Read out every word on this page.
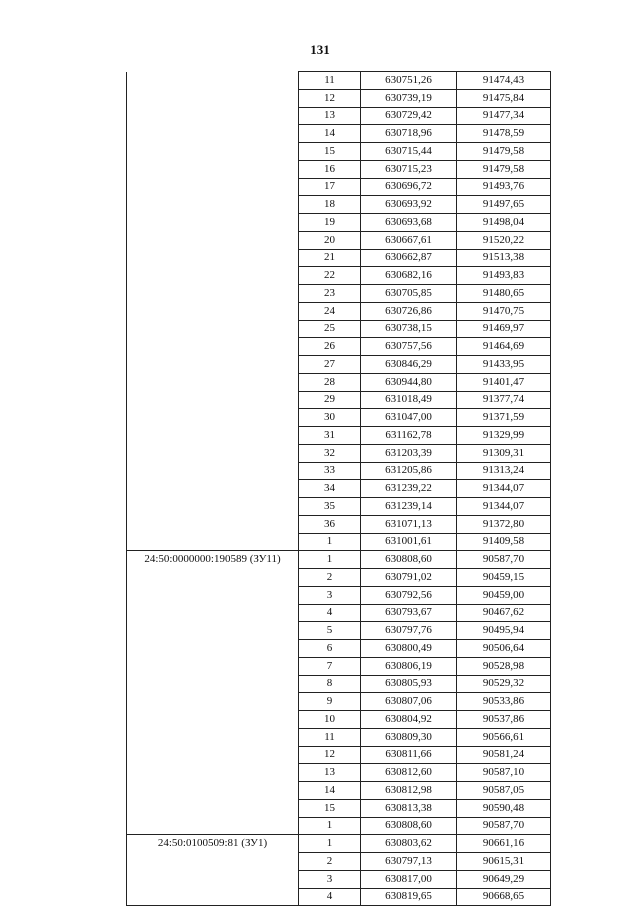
131
	11	630751,26	91474,43
	12	630739,19	91475,84
	13	630729,42	91477,34
	14	630718,96	91478,59
	15	630715,44	91479,58
	16	630715,23	91479,58
	17	630696,72	91493,76
	18	630693,92	91497,65
	19	630693,68	91498,04
	20	630667,61	91520,22
	21	630662,87	91513,38
	22	630682,16	91493,83
	23	630705,85	91480,65
	24	630726,86	91470,75
	25	630738,15	91469,97
	26	630757,56	91464,69
	27	630846,29	91433,95
	28	630944,80	91401,47
	29	631018,49	91377,74
	30	631047,00	91371,59
	31	631162,78	91329,99
	32	631203,39	91309,31
	33	631205,86	91313,24
	34	631239,22	91344,07
	35	631239,14	91344,07
	36	631071,13	91372,80
	1	631001,61	91409,58
24:50:0000000:190589 (ЗУ11)	1	630808,60	90587,70
	2	630791,02	90459,15
	3	630792,56	90459,00
	4	630793,67	90467,62
	5	630797,76	90495,94
	6	630800,49	90506,64
	7	630806,19	90528,98
	8	630805,93	90529,32
	9	630807,06	90533,86
	10	630804,92	90537,86
	11	630809,30	90566,61
	12	630811,66	90581,24
	13	630812,60	90587,10
	14	630812,98	90587,05
	15	630813,38	90590,48
	1	630808,60	90587,70
24:50:0100509:81 (ЗУ1)	1	630803,62	90661,16
	2	630797,13	90615,31
	3	630817,00	90649,29
	4	630819,65	90668,65
